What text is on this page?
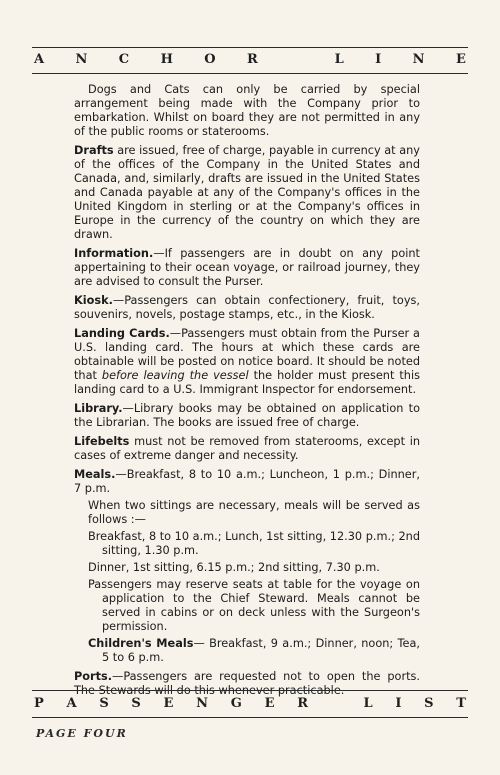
A N C H O R	L I N E

Dogs and Cats can only be carried by special arrangement being made with the Company prior to embarkation. Whilst on board they are not permitted in any of the public rooms or staterooms.

Drafts are issued, free of charge, payable in currency at any of the offices of the Company in the United States and Canada, and, similarly, drafts are issued in the United States and Canada payable at any of the Company's offices in the United Kingdom in sterling or at the Company's offices in Europe in the currency of the country on which they are drawn.

Information.—If passengers are in doubt on any point appertaining to their ocean voyage, or railroad journey, they are advised to consult the Purser.

Kiosk.—Passengers can obtain confectionery, fruit, toys, souvenirs, novels, postage stamps, etc., in the Kiosk.

Landing Cards.—Passengers must obtain from the Purser a U.S. landing card. The hours at which these cards are obtainable will be posted on notice board. It should be noted that before leaving the vessel the holder must present this landing card to a U.S. Immigrant Inspector for endorsement.

Library.—Library books may be obtained on application to the Librarian. The books are issued free of charge.

Lifebelts must not be removed from staterooms, except in cases of extreme danger and necessity.

Meals.—Breakfast, 8 to 10 a.m.; Luncheon, 1 p.m.; Dinner, 7 p.m.

When two sittings are necessary, meals will be served as follows :—

Breakfast, 8 to 10 a.m.; Lunch, 1st sitting, 12.30 p.m.; 2nd sitting, 1.30 p.m.

Dinner, 1st sitting, 6.15 p.m.; 2nd sitting, 7.30 p.m.

Passengers may reserve seats at table for the voyage on application to the Chief Steward. Meals cannot be served in cabins or on deck unless with the Surgeon's permission.

Children's Meals— Breakfast, 9 a.m.; Dinner, noon; Tea, 5 to 6 p.m.

Ports.—Passengers are requested not to open the ports. The Stewards will do this whenever practicable.

P A S S E N G E R	L I S T
PAGE FOUR
